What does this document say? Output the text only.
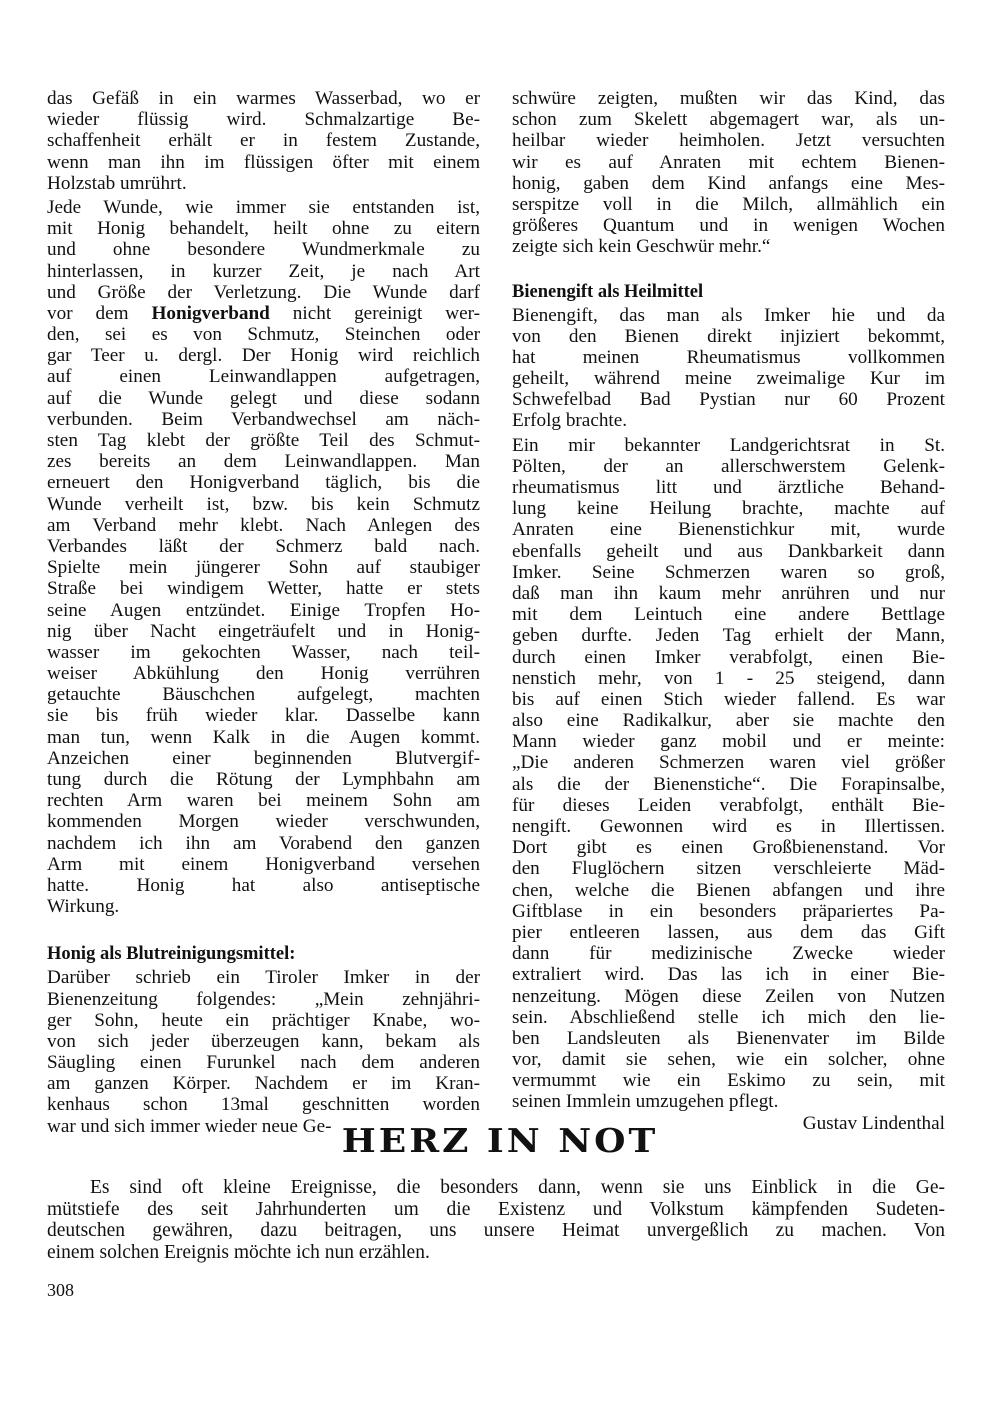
das Gefäß in ein warmes Wasserbad, wo er
wieder flüssig wird. Schmalzartige Be-
schaffenheit erhält er in festem Zustande,
wenn man ihn im flüssigen öfter mit einem
Holzstab umrührt.
Jede Wunde, wie immer sie entstanden ist,
mit Honig behandelt, heilt ohne zu eitern
und ohne besondere Wundmerkmale zu
hinterlassen, in kurzer Zeit, je nach Art
und Größe der Verletzung. Die Wunde darf
vor dem Honigverband nicht gereinigt wer-
den, sei es von Schmutz, Steinchen oder
gar Teer u. dergl. Der Honig wird reichlich
auf einen Leinwandlappen aufgetragen,
auf die Wunde gelegt und diese sodann
verbunden. Beim Verbandwechsel am näch-
sten Tag klebt der größte Teil des Schmut-
zes bereits an dem Leinwandlappen. Man
erneuert den Honigverband täglich, bis die
Wunde verheilt ist, bzw. bis kein Schmutz
am Verband mehr klebt. Nach Anlegen des
Verbandes läßt der Schmerz bald nach.
Spielte mein jüngerer Sohn auf staubiger
Straße bei windigem Wetter, hatte er stets
seine Augen entzündet. Einige Tropfen Ho-
nig über Nacht eingeträufelt und in Honig-
wasser im gekochten Wasser, nach teil-
weiser Abkühlung den Honig verrühren
getauchte Bäuschchen aufgelegt, machten
sie bis früh wieder klar. Dasselbe kann
man tun, wenn Kalk in die Augen kommt.
Anzeichen einer beginnenden Blutvergif-
tung durch die Rötung der Lymphbahn am
rechten Arm waren bei meinem Sohn am
kommenden Morgen wieder verschwunden,
nachdem ich ihn am Vorabend den ganzen
Arm mit einem Honigverband versehen
hatte. Honig hat also antiseptische
Wirkung.
Honig als Blutreinigungsmittel:
Darüber schrieb ein Tiroler Imker in der
Bienenzeitung folgendes: „Mein zehnjähri-
ger Sohn, heute ein prächtiger Knabe, wo-
von sich jeder überzeugen kann, bekam als
Säugling einen Furunkel nach dem anderen
am ganzen Körper. Nachdem er im Kran-
kenhaus schon 13mal geschnitten worden
war und sich immer wieder neue Ge-
schwüre zeigten, mußten wir das Kind, das
schon zum Skelett abgemagert war, als un-
heilbar wieder heimholen. Jetzt versuchten
wir es auf Anraten mit echtem Bienen-
honig, gaben dem Kind anfangs eine Mes-
serspitze voll in die Milch, allmählich ein
größeres Quantum und in wenigen Wochen
zeigte sich kein Geschwür mehr.“
Bienengift als Heilmittel
Bienengift, das man als Imker hie und da
von den Bienen direkt injiziert bekommt,
hat meinen Rheumatismus vollkommen
geheilt, während meine zweimalige Kur im
Schwefelbad Bad Pystian nur 60 Prozent
Erfolg brachte.
Ein mir bekannter Landgerichtsrat in St.
Pölten, der an allerschwerstem Gelenk-
rheumatismus litt und ärztliche Behand-
lung keine Heilung brachte, machte auf
Anraten eine Bienenstichkur mit, wurde
ebenfalls geheilt und aus Dankbarkeit dann
Imker. Seine Schmerzen waren so groß,
daß man ihn kaum mehr anrühren und nur
mit dem Leintuch eine andere Bettlage
geben durfte. Jeden Tag erhielt der Mann,
durch einen Imker verabfolgt, einen Bie-
nenstich mehr, von 1 - 25 steigend, dann
bis auf einen Stich wieder fallend. Es war
also eine Radikalkur, aber sie machte den
Mann wieder ganz mobil und er meinte:
„Die anderen Schmerzen waren viel größer
als die der Bienenstiche“. Die Forapinsalbe,
für dieses Leiden verabfolgt, enthält Bie-
nengift. Gewonnen wird es in Illertissen.
Dort gibt es einen Großbienenstand. Vor
den Fluglöchern sitzen verschleierte Mäd-
chen, welche die Bienen abfangen und ihre
Giftblase in ein besonders präpariertes Pa-
pier entleeren lassen, aus dem das Gift
dann für medizinische Zwecke wieder
extraliert wird. Das las ich in einer Bie-
nenzeitung. Mögen diese Zeilen von Nutzen
sein. Abschließend stelle ich mich den lie-
ben Landsleuten als Bienenvater im Bilde
vor, damit sie sehen, wie ein solcher, ohne
vermummt wie ein Eskimo zu sein, mit
seinen Immlein umzugehen pflegt.
Gustav Lindenthal
HERZ IN NOT
Es sind oft kleine Ereignisse, die besonders dann, wenn sie uns Einblick in die Ge-
mütstiefe des seit Jahrhunderten um die Existenz und Volkstum kämpfenden Sudeten-
deutschen gewähren, dazu beitragen, uns unsere Heimat unvergeßlich zu machen. Von
einem solchen Ereignis möchte ich nun erzählen.
308
